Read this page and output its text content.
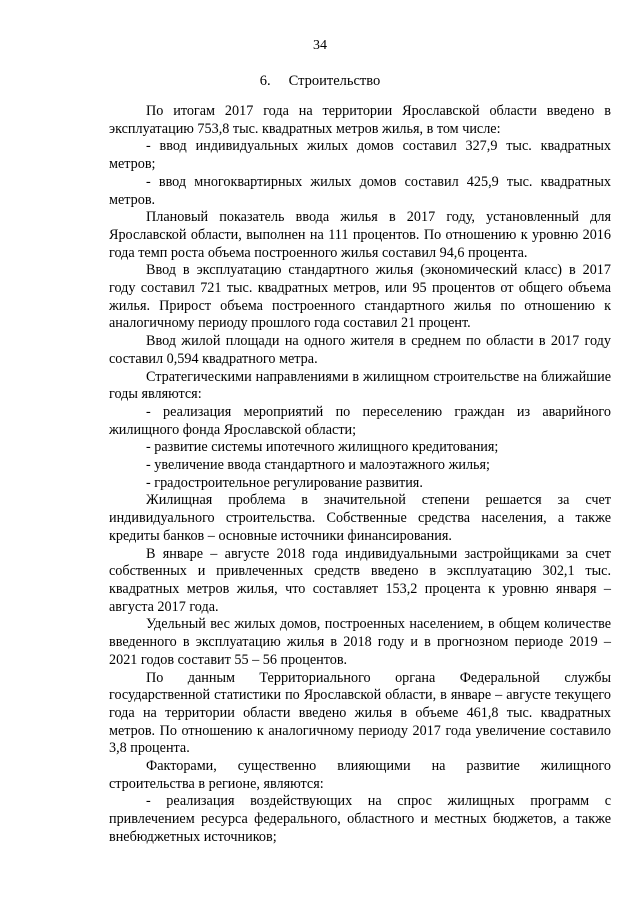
34
6. Строительство

По итогам 2017 года на территории Ярославской области введено в эксплуатацию 753,8 тыс. квадратных метров жилья, в том числе:

- ввод индивидуальных жилых домов составил 327,9 тыс. квадратных метров;

- ввод многоквартирных жилых домов составил 425,9 тыс. квадратных метров.

Плановый показатель ввода жилья в 2017 году, установленный для Ярославской области, выполнен на 111 процентов. По отношению к уровню 2016 года темп роста объема построенного жилья составил 94,6 процента.

Ввод в эксплуатацию стандартного жилья (экономический класс) в 2017 году составил 721 тыс. квадратных метров, или 95 процентов от общего объема жилья. Прирост объема построенного стандартного жилья по отношению к аналогичному периоду прошлого года составил 21 процент.

Ввод жилой площади на одного жителя в среднем по области в 2017 году составил 0,594 квадратного метра.

Стратегическими направлениями в жилищном строительстве на ближайшие годы являются:

- реализация мероприятий по переселению граждан из аварийного жилищного фонда Ярославской области;

- развитие системы ипотечного жилищного кредитования;

- увеличение ввода стандартного и малоэтажного жилья;

- градостроительное регулирование развития.

Жилищная проблема в значительной степени решается за счет индивидуального строительства. Собственные средства населения, а также кредиты банков – основные источники финансирования.

В январе – августе 2018 года индивидуальными застройщиками за счет собственных и привлеченных средств введено в эксплуатацию 302,1 тыс. квадратных метров жилья, что составляет 153,2 процента к уровню января – августа 2017 года.

Удельный вес жилых домов, построенных населением, в общем количестве введенного в эксплуатацию жилья в 2018 году и в прогнозном периоде 2019 – 2021 годов составит 55 – 56 процентов.

По данным Территориального органа Федеральной службы государственной статистики по Ярославской области, в январе – августе текущего года на территории области введено жилья в объеме 461,8 тыс. квадратных метров. По отношению к аналогичному периоду 2017 года увеличение составило 3,8 процента.

Факторами, существенно влияющими на развитие жилищного строительства в регионе, являются:

- реализация воздействующих на спрос жилищных программ с привлечением ресурса федерального, областного и местных бюджетов, а также внебюджетных источников;
